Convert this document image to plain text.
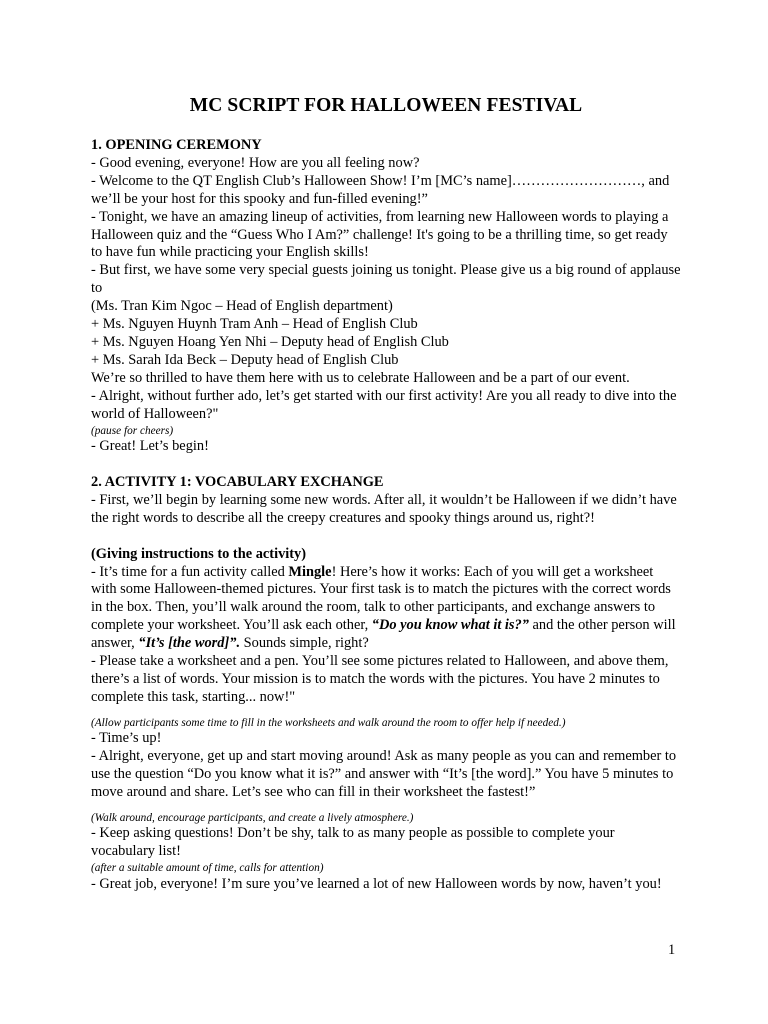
MC SCRIPT FOR HALLOWEEN FESTIVAL

1. OPENING CEREMONY

- Good evening, everyone! How are you all feeling now?

- Welcome to the QT English Club’s Halloween Show! I’m [MC’s name]………………………, and we’ll be your host for this spooky and fun-filled evening!”

- Tonight, we have an amazing lineup of activities, from learning new Halloween words to playing a Halloween quiz and the “Guess Who I Am?” challenge! It's going to be a thrilling time, so get ready to have fun while practicing your English skills!

- But first, we have some very special guests joining us tonight. Please give us a big round of applause to

(Ms. Tran Kim Ngoc – Head of English department)

+ Ms. Nguyen Huynh Tram Anh – Head of English Club

+ Ms. Nguyen Hoang Yen Nhi – Deputy head of English Club

+ Ms. Sarah Ida Beck – Deputy head of English Club

We’re so thrilled to have them here with us to celebrate Halloween and be a part of our event.

- Alright, without further ado, let’s get started with our first activity! Are you all ready to dive into the world of Halloween?"

(pause for cheers)

- Great! Let’s begin!

2. ACTIVITY 1: VOCABULARY EXCHANGE

- First, we’ll begin by learning some new words. After all, it wouldn’t be Halloween if we didn’t have the right words to describe all the creepy creatures and spooky things around us, right?!

(Giving instructions to the activity)

- It’s time for a fun activity called Mingle! Here’s how it works: Each of you will get a worksheet with some Halloween-themed pictures. Your first task is to match the pictures with the correct words in the box. Then, you’ll walk around the room, talk to other participants, and exchange answers to complete your worksheet. You’ll ask each other, “Do you know what it is?” and the other person will answer, “It’s [the word]”. Sounds simple, right?

- Please take a worksheet and a pen. You’ll see some pictures related to Halloween, and above them, there’s a list of words. Your mission is to match the words with the pictures. You have 2 minutes to complete this task, starting... now!"

(Allow participants some time to fill in the worksheets and walk around the room to offer help if needed.)

- Time’s up!

- Alright, everyone, get up and start moving around! Ask as many people as you can and remember to use the question “Do you know what it is?” and answer with “It’s [the word].” You have 5 minutes to move around and share. Let’s see who can fill in their worksheet the fastest!”

(Walk around, encourage participants, and create a lively atmosphere.)

- Keep asking questions! Don’t be shy, talk to as many people as possible to complete your vocabulary list!

(after a suitable amount of time, calls for attention)

- Great job, everyone! I’m sure you’ve learned a lot of new Halloween words by now, haven’t you!

1
